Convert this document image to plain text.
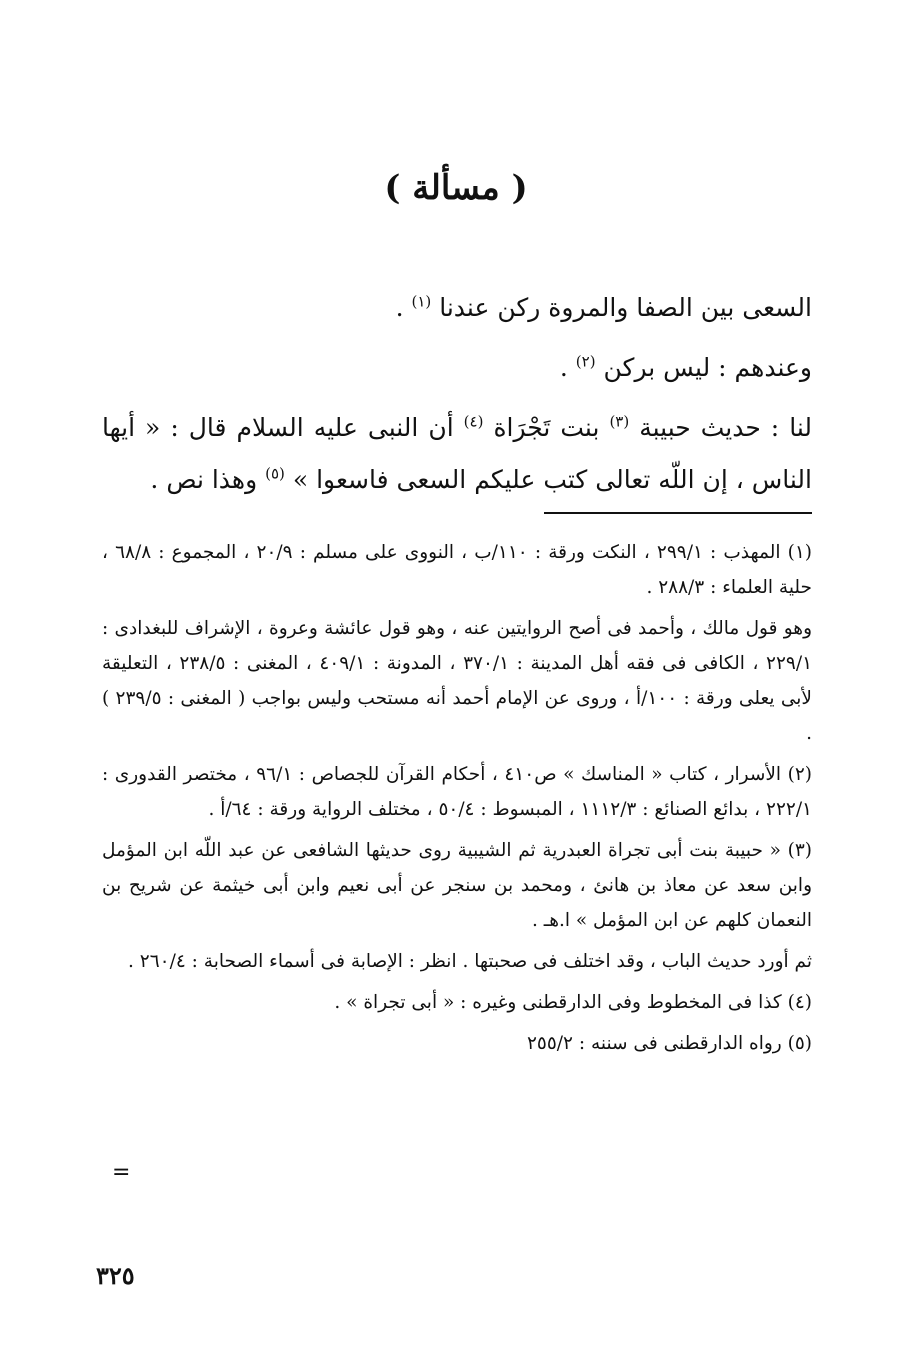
( مسألة )

السعى بين الصفا والمروة ركن عندنا $^{(١)}$ .

وعندهم : ليس بركن $^{(٢)}$ .

لنا : حديث حبيبة $^{(٣)}$ بنت تَجْرَاة $^{(٤)}$ أن النبى عليه السلام قال : « أيها الناس ، إن اللّه تعالى كتب عليكم السعى فاسعوا » $^{(٥)}$ وهذا نص .

(١) المهذب : ٢٩٩/١ ، النكت ورقة : ١١٠/ب ، النووى على مسلم : ٢٠/٩ ، المجموع : ٦٨/٨ ، حلية العلماء : ٢٨٨/٣ .

وهو قول مالك ، وأحمد فى أصح الروايتين عنه ، وهو قول عائشة وعروة ، الإشراف للبغدادى : ٢٢٩/١ ، الكافى فى فقه أهل المدينة : ٣٧٠/١ ، المدونة : ٤٠٩/١ ، المغنى : ٢٣٨/٥ ، التعليقة لأبى يعلى ورقة : ١٠٠/أ ، وروى عن الإمام أحمد أنه مستحب وليس بواجب ( المغنى : ٢٣٩/٥ ) .

(٢) الأسرار ، كتاب « المناسك » ص٤١٠ ، أحكام القرآن للجصاص : ٩٦/١ ، مختصر القدورى : ٢٢٢/١ ، بدائع الصنائع : ١١١٢/٣ ، المبسوط : ٥٠/٤ ، مختلف الرواية ورقة : ٦٤/أ .

(٣) « حبيبة بنت أبى تجراة العبدرية ثم الشيبية روى حديثها الشافعى عن عبد اللّه ابن المؤمل وابن سعد عن معاذ بن هانئ ، ومحمد بن سنجر عن أبى نعيم وابن أبى خيثمة عن شريح بن النعمان كلهم عن ابن المؤمل » ا.هـ .

ثم أورد حديث الباب ، وقد اختلف فى صحبتها . انظر : الإصابة فى أسماء الصحابة : ٢٦٠/٤ .

(٤) كذا فى المخطوط وفى الدارقطنى وغيره : « أبى تجراة » .

(٥) رواه الدارقطنى فى سننه : ٢٥٥/٢

=
٣٢٥
